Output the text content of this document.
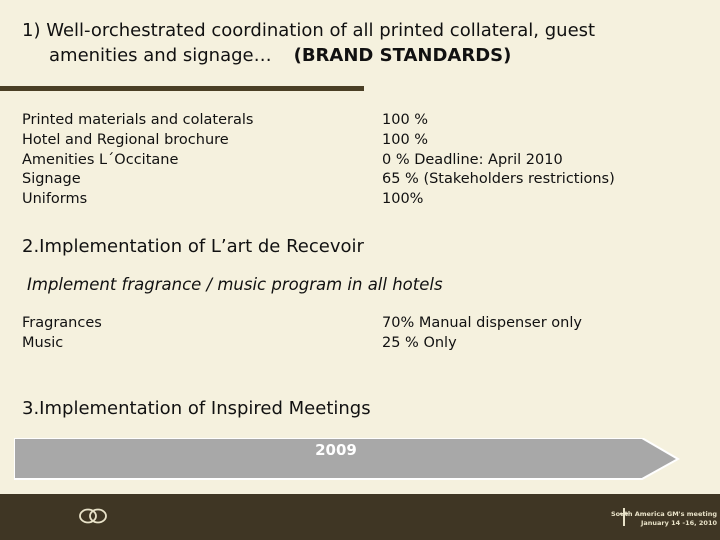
1) Well-orchestrated coordination of all printed collateral, guest
amenities and signage… (BRAND STANDARDS)
Printed materials and colaterals	100 %
Hotel and Regional brochure	100 %
Amenities L´Occitane	0 % Deadline: April 2010
Signage	65 % (Stakeholders restrictions)
Uniforms	100%
2.Implementation of L’art de Recevoir
Implement fragrance / music program in all hotels
Fragrances	70% Manual dispenser only
Music	25 % Only
3.Implementation of Inspired Meetings
2009
South America GM's meeting
January 14 -16, 2010
